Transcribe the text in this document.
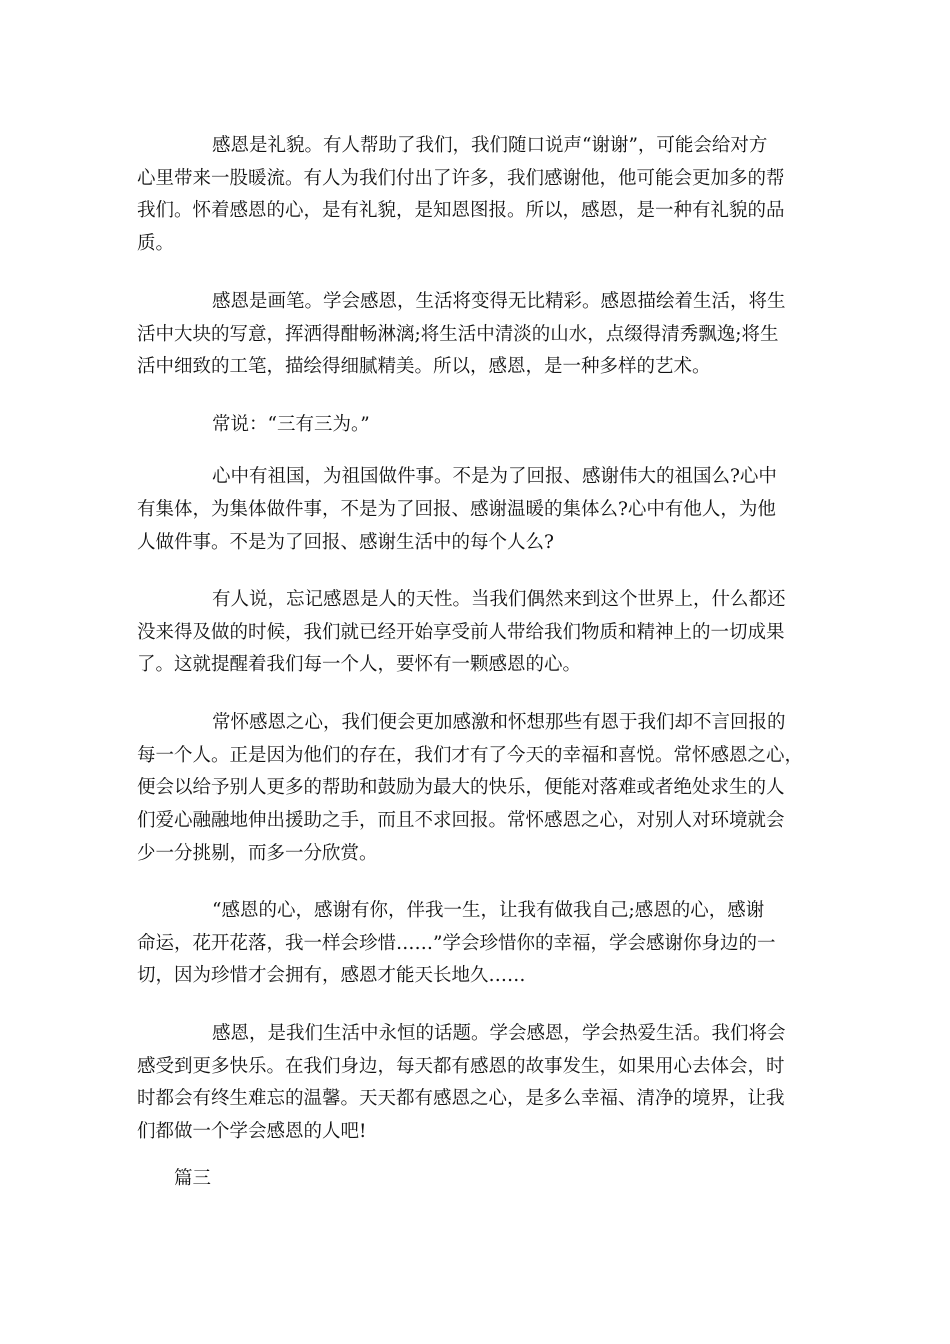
感恩是礼貌。有人帮助了我们，我们随口说声“谢谢”，可能会给对方

心里带来一股暖流。有人为我们付出了许多，我们感谢他，他可能会更加多的帮

我们。怀着感恩的心，是有礼貌，是知恩图报。所以，感恩，是一种有礼貌的品

质。

感恩是画笔。学会感恩，生活将变得无比精彩。感恩描绘着生活，将生

活中大块的写意，挥洒得酣畅淋漓;将生活中清淡的山水，点缀得清秀飘逸;将生

活中细致的工笔，描绘得细腻精美。所以，感恩，是一种多样的艺术。

常说：“三有三为。”

心中有祖国，为祖国做件事。不是为了回报、感谢伟大的祖国么?心中

有集体，为集体做件事，不是为了回报、感谢温暖的集体么?心中有他人，为他

人做件事。不是为了回报、感谢生活中的每个人么?

有人说，忘记感恩是人的天性。当我们偶然来到这个世界上，什么都还

没来得及做的时候，我们就已经开始享受前人带给我们物质和精神上的一切成果

了。这就提醒着我们每一个人，要怀有一颗感恩的心。

常怀感恩之心，我们便会更加感激和怀想那些有恩于我们却不言回报的

每一个人。正是因为他们的存在，我们才有了今天的幸福和喜悦。常怀感恩之心，

便会以给予别人更多的帮助和鼓励为最大的快乐，便能对落难或者绝处求生的人

们爱心融融地伸出援助之手，而且不求回报。常怀感恩之心，对别人对环境就会

少一分挑剔，而多一分欣赏。

“感恩的心，感谢有你，伴我一生，让我有做我自己;感恩的心，感谢

命运，花开花落，我一样会珍惜……”学会珍惜你的幸福，学会感谢你身边的一

切，因为珍惜才会拥有，感恩才能天长地久……

感恩，是我们生活中永恒的话题。学会感恩，学会热爱生活。我们将会

感受到更多快乐。在我们身边，每天都有感恩的故事发生，如果用心去体会，时

时都会有终生难忘的温馨。天天都有感恩之心，是多么幸福、清净的境界，让我

们都做一个学会感恩的人吧!

篇三
